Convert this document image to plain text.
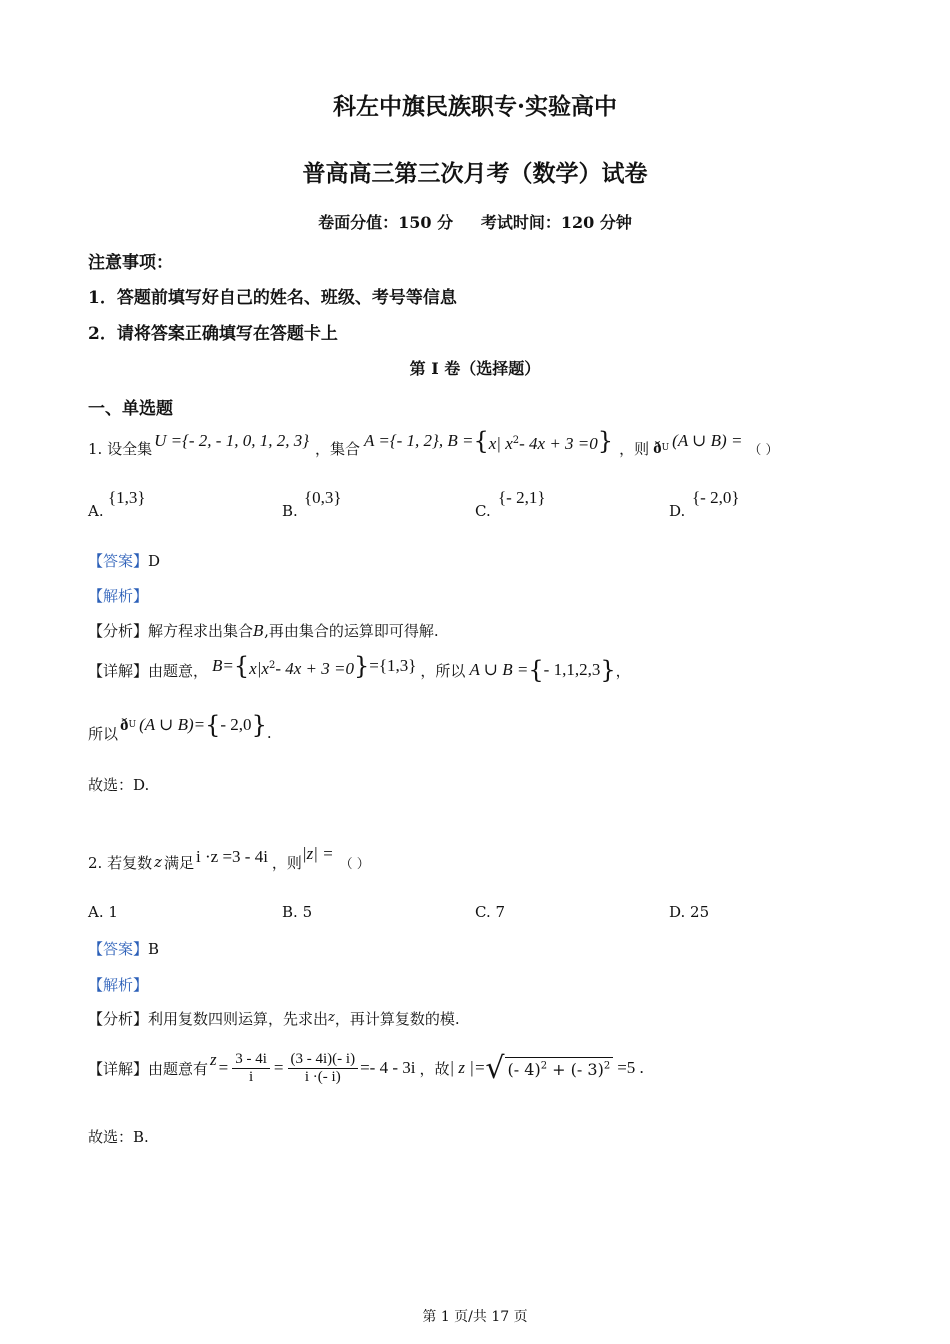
科左中旗民族职专·实验高中
普高高三第三次月考（数学）试卷
卷面分值：150 分     考试时间：120 分钟
注意事项：
1．答题前填写好自己的姓名、班级、考号等信息
2．请将答案正确填写在答题卡上
第 I 卷（选择题）
一、单选题
1. 设全集 U ={- 2, - 1, 0, 1, 2, 3} ，集合 A ={- 1, 2}, B = {x| $x^2-$ 4x + 3 =0} ，则 ð U (A ∪ B) = （ ）
A.
{1,3}
B.
{0,3}
C.
{- 2,1}
D.
{- 2,0}
【答案】D
【解析】
【分析】解方程求出集合B,再由集合的运算即可得解.
【详解】 由题意， $B= \{x|x^2-$ 4x + 3 =0} ={1,3} ，所以 A ∪ B = { - 1,1,2,3 } ，
所以 ð U (A ∪ B)= { - 2,0 } .
故选：D.
2. 若复数 z 满足 i ·z =3 - 4i ，则 |z| =
（ ）
A. 1	B. 5	C. 7	D. 25
【答案】B
【解析】
【分析】利用复数四则运算，先求出z，再计算复数的模.
【详解】 由题意有 $z = \frac{3 - 4i}{i} = \frac{(3 - 4i)(- i)}{i \cdot(- i)} =- 4 - 3i$ ，故 | z |= √ (- 4)$^2$ + (- 3)$^2$ =5 .
故选：B.
第 1 页/共 17 页
